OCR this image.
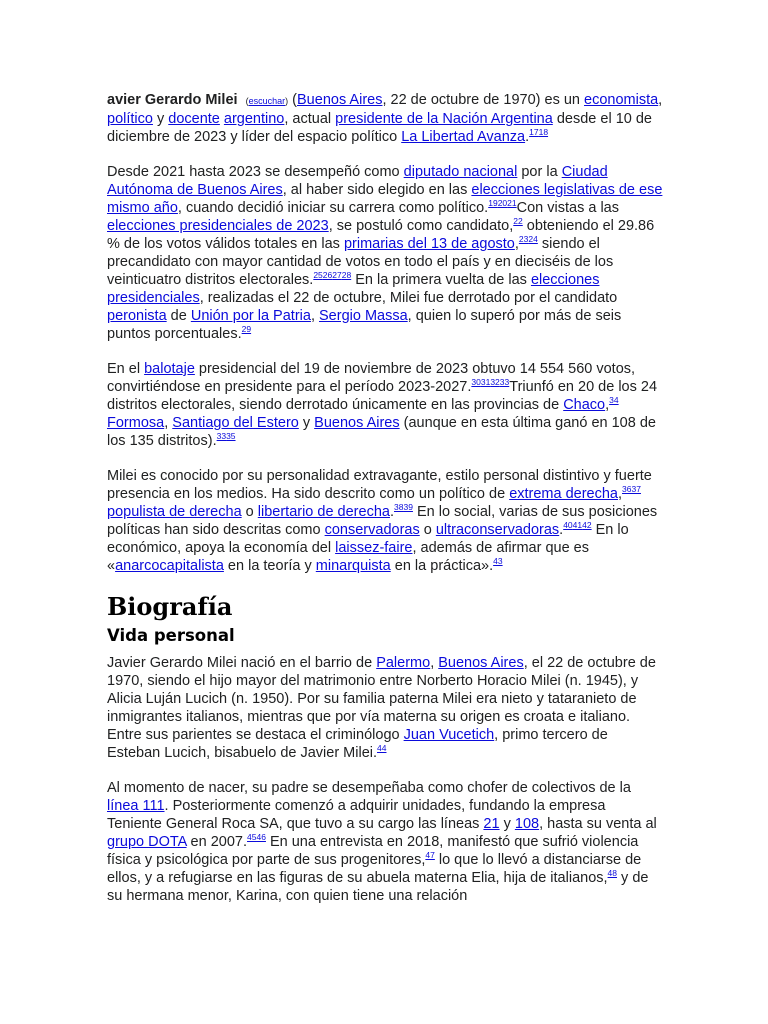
avier Gerardo Milei (escuchar) (Buenos Aires, 22 de octubre de 1970) es un economista, político y docente argentino, actual presidente de la Nación Argentina desde el 10 de diciembre de 2023 y líder del espacio político La Libertad Avanza.$^{1718}$

Desde 2021 hasta 2023 se desempeñó como diputado nacional por la Ciudad Autónoma de Buenos Aires, al haber sido elegido en las elecciones legislativas de ese mismo año, cuando decidió iniciar su carrera como político.$^{192021}$Con vistas a las elecciones presidenciales de 2023, se postuló como candidato,$^{22}$ obteniendo el 29.86 % de los votos válidos totales en las primarias del 13 de agosto,$^{2324}$ siendo el precandidato con mayor cantidad de votos en todo el país y en dieciséis de los veinticuatro distritos electorales.$^{25262728}$ En la primera vuelta de las elecciones presidenciales, realizadas el 22 de octubre, Milei fue derrotado por el candidato peronista de Unión por la Patria, Sergio Massa, quien lo superó por más de seis puntos porcentuales.$^{29}$

En el balotaje presidencial del 19 de noviembre de 2023 obtuvo 14 554 560 votos, convirtiéndose en presidente para el período 2023-2027.$^{30313233}$Triunfó en 20 de los 24 distritos electorales, siendo derrotado únicamente en las provincias de Chaco,$^{34}$ Formosa, Santiago del Estero y Buenos Aires (aunque en esta última ganó en 108 de los 135 distritos).$^{3335}$

Milei es conocido por su personalidad extravagante, estilo personal distintivo y fuerte presencia en los medios. Ha sido descrito como un político de extrema derecha,$^{3637}$ populista de derecha o libertario de derecha.$^{3839}$ En lo social, varias de sus posiciones políticas han sido descritas como conservadoras o ultraconservadoras.$^{404142}$ En lo económico, apoya la economía del laissez-faire, además de afirmar que es «anarcocapitalista en la teoría y minarquista en la práctica».$^{43}$

Biografía
Vida personal

Javier Gerardo Milei nació en el barrio de Palermo, Buenos Aires, el 22 de octubre de 1970, siendo el hijo mayor del matrimonio entre Norberto Horacio Milei (n. 1945), y Alicia Luján Lucich (n. 1950). Por su familia paterna Milei era nieto y tataranieto de inmigrantes italianos, mientras que por vía materna su origen es croata e italiano. Entre sus parientes se destaca el criminólogo Juan Vucetich, primo tercero de Esteban Lucich, bisabuelo de Javier Milei.$^{44}$

Al momento de nacer, su padre se desempeñaba como chofer de colectivos de la línea 111. Posteriormente comenzó a adquirir unidades, fundando la empresa Teniente General Roca SA, que tuvo a su cargo las líneas 21 y 108, hasta su venta al grupo DOTA en 2007.$^{4546}$ En una entrevista en 2018, manifestó que sufrió violencia física y psicológica por parte de sus progenitores,$^{47}$ lo que lo llevó a distanciarse de ellos, y a refugiarse en las figuras de su abuela materna Elia, hija de italianos,$^{48}$ y de su hermana menor, Karina, con quien tiene una relación
